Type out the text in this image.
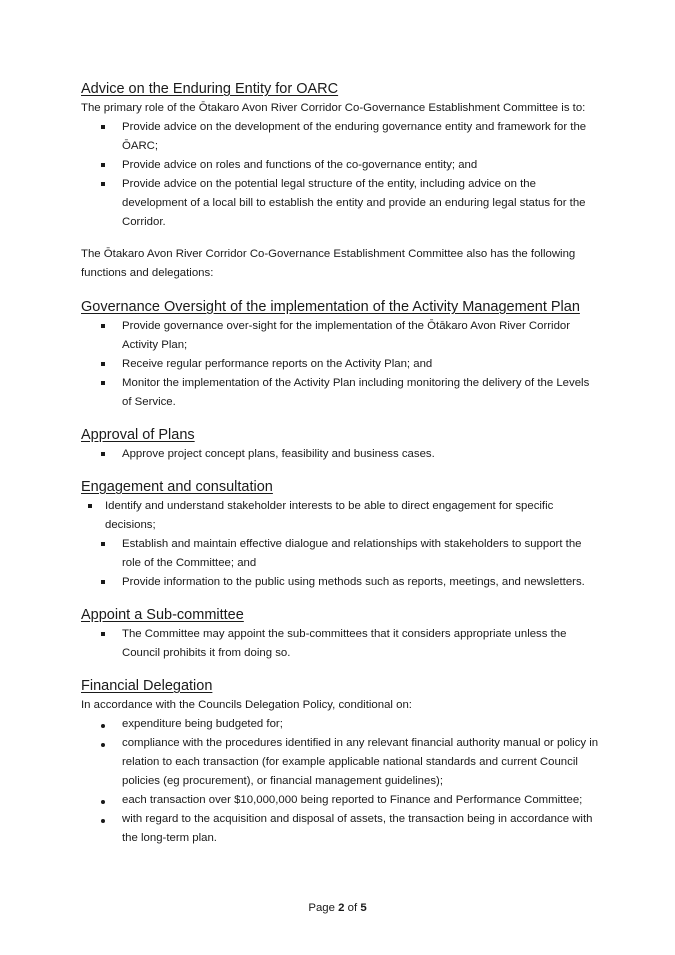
Advice on the Enduring Entity for OARC

The primary role of the Ōtakaro Avon River Corridor Co-Governance Establishment Committee is to:

Provide advice on the development of the enduring governance entity and framework for the ŌARC;
Provide advice on roles and functions of the co-governance entity; and
Provide advice on the potential legal structure of the entity, including advice on the development of a local bill to establish the entity and provide an enduring legal status for the Corridor.

The Ōtakaro Avon River Corridor Co-Governance Establishment Committee also has the following functions and delegations:

Governance Oversight of the implementation of the Activity Management Plan
Provide governance over-sight for the implementation of the Ōtākaro Avon River Corridor Activity Plan;
Receive regular performance reports on the Activity Plan; and
Monitor the implementation of the Activity Plan including monitoring the delivery of the Levels of Service.
Approval of Plans
Approve project concept plans, feasibility and business cases.
Engagement and consultation
Identify and understand stakeholder interests to be able to direct engagement for specific decisions;
Establish and maintain effective dialogue and relationships with stakeholders to support the role of the Committee; and
Provide information to the public using methods such as reports, meetings, and newsletters.
Appoint a Sub-committee
The Committee may appoint the sub-committees that it considers appropriate unless the Council prohibits it from doing so.
Financial Delegation

In accordance with the Councils Delegation Policy, conditional on:

expenditure being budgeted for;
compliance with the procedures identified in any relevant financial authority manual or policy in relation to each transaction (for example applicable national standards and current Council policies (eg procurement), or financial management guidelines);
each transaction over $10,000,000 being reported to Finance and Performance Committee;
with regard to the acquisition and disposal of assets, the transaction being in accordance with the long-term plan.
Page 2 of 5
